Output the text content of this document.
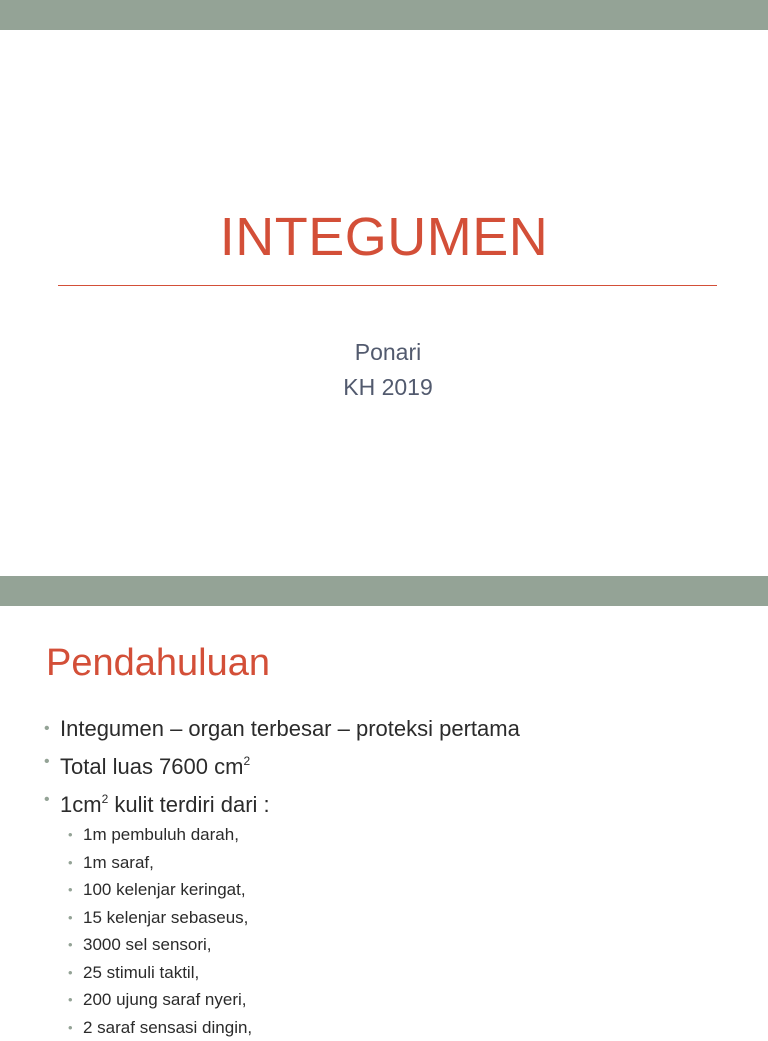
INTEGUMEN
Ponari
KH 2019
Pendahuluan
• Integumen – organ terbesar – proteksi pertama
• Total luas 7600 $cm^2$
• $1cm^2$ kulit terdiri dari :
• 1m pembuluh darah,
• 1m saraf,
• 100 kelenjar keringat,
• 15 kelenjar sebaseus,
• 3000 sel sensori,
• 25 stimuli taktil,
• 200 ujung saraf nyeri,
• 2 saraf sensasi dingin,
